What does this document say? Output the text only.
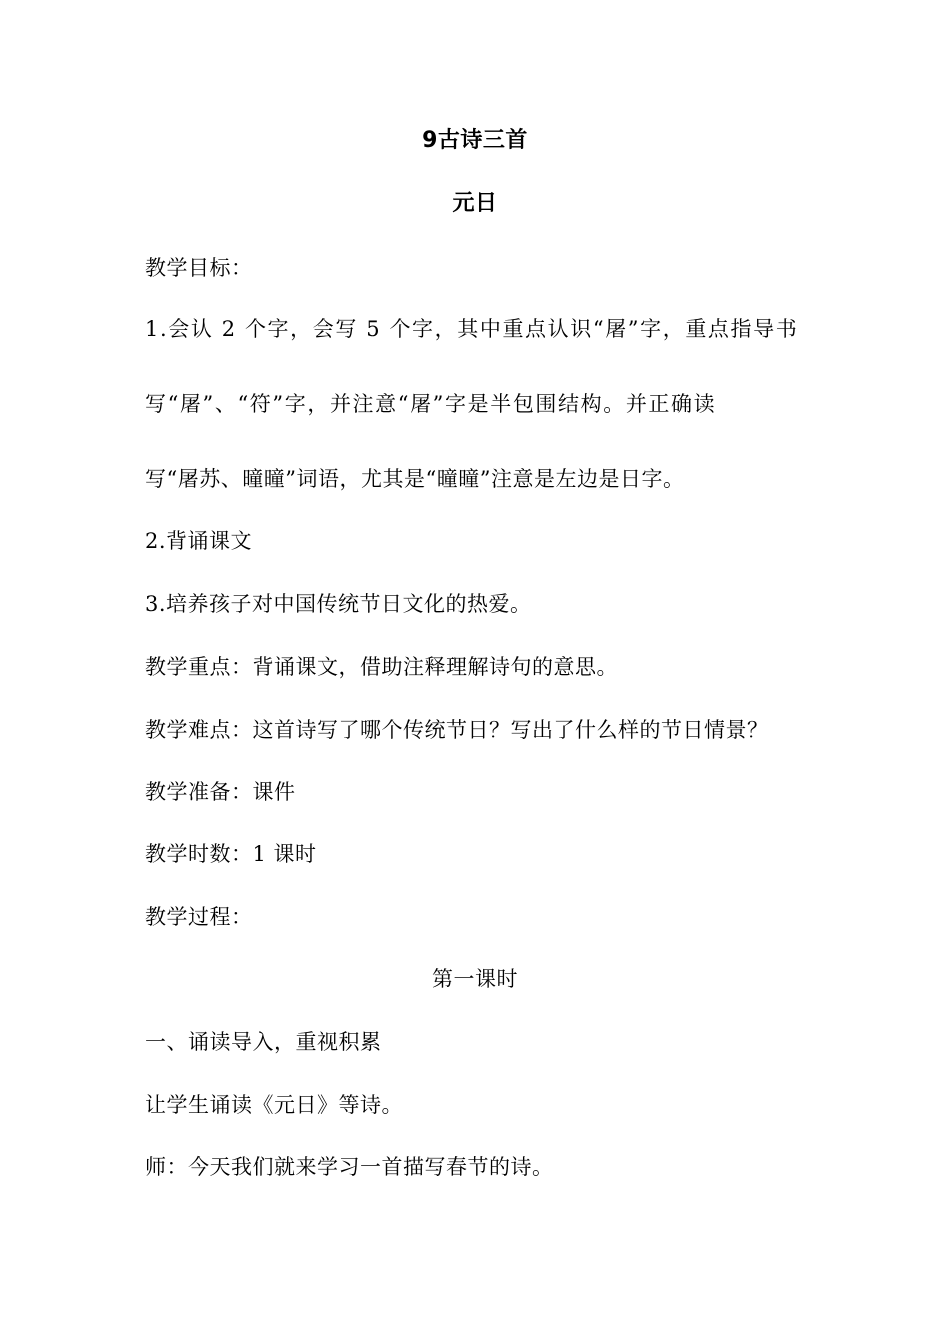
9古诗三首
元日
教学目标：
1.会认 2 个字，会写 5 个字，其中重点认识“屠”字，重点指导书
写“屠”、“符”字，并注意“屠”字是半包围结构。并正确读
写“屠苏、曈曈”词语，尤其是“曈曈”注意是左边是日字。
2.背诵课文
3.培养孩子对中国传统节日文化的热爱。
教学重点：背诵课文，借助注释理解诗句的意思。
教学难点：这首诗写了哪个传统节日？写出了什么样的节日情景？
教学准备：课件
教学时数：1 课时
教学过程：
第一课时
一、诵读导入，重视积累
让学生诵读《元日》等诗。
师：今天我们就来学习一首描写春节的诗。
